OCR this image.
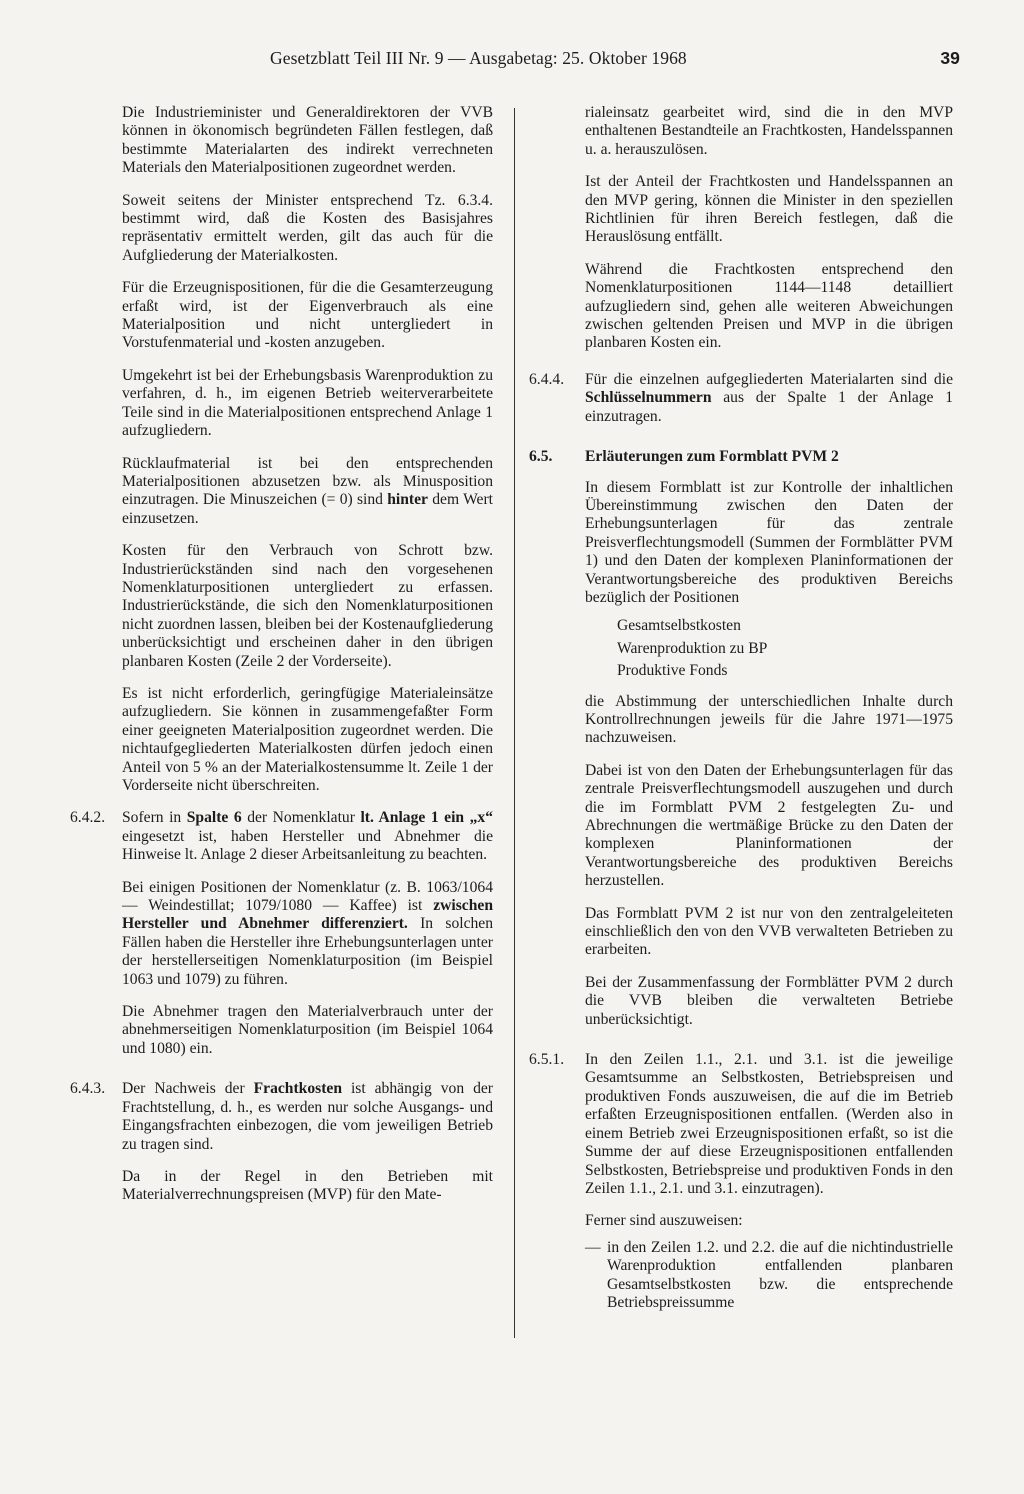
Gesetzblatt Teil III Nr. 9 — Ausgabetag: 25. Oktober 1968	39

Die Industrieminister und Generaldirektoren der VVB können in ökonomisch begründeten Fällen festlegen, daß bestimmte Materialarten des indirekt verrechneten Materials den Materialpositionen zugeordnet werden.

Soweit seitens der Minister entsprechend Tz. 6.3.4. bestimmt wird, daß die Kosten des Basisjahres repräsentativ ermittelt werden, gilt das auch für die Aufgliederung der Materialkosten.

Für die Erzeugnispositionen, für die die Gesamterzeugung erfaßt wird, ist der Eigenverbrauch als eine Materialposition und nicht untergliedert in Vorstufenmaterial und -kosten anzugeben.

Umgekehrt ist bei der Erhebungsbasis Warenproduktion zu verfahren, d. h., im eigenen Betrieb weiterverarbeitete Teile sind in die Materialpositionen entsprechend Anlage 1 aufzugliedern.

Rücklaufmaterial ist bei den entsprechenden Materialpositionen abzusetzen bzw. als Minusposition einzutragen. Die Minuszeichen (= 0) sind hinter dem Wert einzusetzen.

Kosten für den Verbrauch von Schrott bzw. Industrierückständen sind nach den vorgesehenen Nomenklaturpositionen untergliedert zu erfassen. Industrierückstände, die sich den Nomenklaturpositionen nicht zuordnen lassen, bleiben bei der Kostenaufgliederung unberücksichtigt und erscheinen daher in den übrigen planbaren Kosten (Zeile 2 der Vorderseite).

Es ist nicht erforderlich, geringfügige Materialeinsätze aufzugliedern. Sie können in zusammengefaßter Form einer geeigneten Materialposition zugeordnet werden. Die nichtaufgegliederten Materialkosten dürfen jedoch einen Anteil von 5 % an der Materialkostensumme lt. Zeile 1 der Vorderseite nicht überschreiten.

6.4.2.	Sofern in Spalte 6 der Nomenklatur lt. Anlage 1 ein „x“ eingesetzt ist, haben Hersteller und Abnehmer die Hinweise lt. Anlage 2 dieser Arbeitsanleitung zu beachten.

Bei einigen Positionen der Nomenklatur (z. B. 1063/1064 — Weindestillat; 1079/1080 — Kaffee) ist zwischen Hersteller und Abnehmer differenziert. In solchen Fällen haben die Hersteller ihre Erhebungsunterlagen unter der herstellerseitigen Nomenklaturposition (im Beispiel 1063 und 1079) zu führen.

Die Abnehmer tragen den Materialverbrauch unter der abnehmerseitigen Nomenklaturposition (im Beispiel 1064 und 1080) ein.

6.4.3.	Der Nachweis der Frachtkosten ist abhängig von der Frachtstellung, d. h., es werden nur solche Ausgangs- und Eingangsfrachten einbezogen, die vom jeweiligen Betrieb zu tragen sind.

Da in der Regel in den Betrieben mit Materialverrechnungspreisen (MVP) für den Mate-

rialeinsatz gearbeitet wird, sind die in den MVP enthaltenen Bestandteile an Frachtkosten, Handelsspannen u. a. herauszulösen.

Ist der Anteil der Frachtkosten und Handelsspannen an den MVP gering, können die Minister in den speziellen Richtlinien für ihren Bereich festlegen, daß die Herauslösung entfällt.

Während die Frachtkosten entsprechend den Nomenklaturpositionen 1144—1148 detailliert aufzugliedern sind, gehen alle weiteren Abweichungen zwischen geltenden Preisen und MVP in die übrigen planbaren Kosten ein.

6.4.4.	Für die einzelnen aufgegliederten Materialarten sind die Schlüsselnummern aus der Spalte 1 der Anlage 1 einzutragen.

6.5.	Erläuterungen zum Formblatt PVM 2

In diesem Formblatt ist zur Kontrolle der inhaltlichen Übereinstimmung zwischen den Daten der Erhebungsunterlagen für das zentrale Preisverflechtungsmodell (Summen der Formblätter PVM 1) und den Daten der komplexen Planinformationen der Verantwortungsbereiche des produktiven Bereichs bezüglich der Positionen

Gesamtselbstkosten
Warenproduktion zu BP
Produktive Fonds

die Abstimmung der unterschiedlichen Inhalte durch Kontrollrechnungen jeweils für die Jahre 1971—1975 nachzuweisen.

Dabei ist von den Daten der Erhebungsunterlagen für das zentrale Preisverflechtungsmodell auszugehen und durch die im Formblatt PVM 2 festgelegten Zu- und Abrechnungen die wertmäßige Brücke zu den Daten der komplexen Planinformationen der Verantwortungsbereiche des produktiven Bereichs herzustellen.

Das Formblatt PVM 2 ist nur von den zentralgeleiteten einschließlich den von den VVB verwalteten Betrieben zu erarbeiten.

Bei der Zusammenfassung der Formblätter PVM 2 durch die VVB bleiben die verwalteten Betriebe unberücksichtigt.

6.5.1.	In den Zeilen 1.1., 2.1. und 3.1. ist die jeweilige Gesamtsumme an Selbstkosten, Betriebspreisen und produktiven Fonds auszuweisen, die auf die im Betrieb erfaßten Erzeugnispositionen entfallen. (Werden also in einem Betrieb zwei Erzeugnispositionen erfaßt, so ist die Summe der auf diese Erzeugnispositionen entfallenden Selbstkosten, Betriebspreise und produktiven Fonds in den Zeilen 1.1., 2.1. und 3.1. einzutragen).

Ferner sind auszuweisen:

— in den Zeilen 1.2. und 2.2. die auf die nichtindustrielle Warenproduktion entfallenden planbaren Gesamtselbstkosten bzw. die entsprechende Betriebspreissumme
